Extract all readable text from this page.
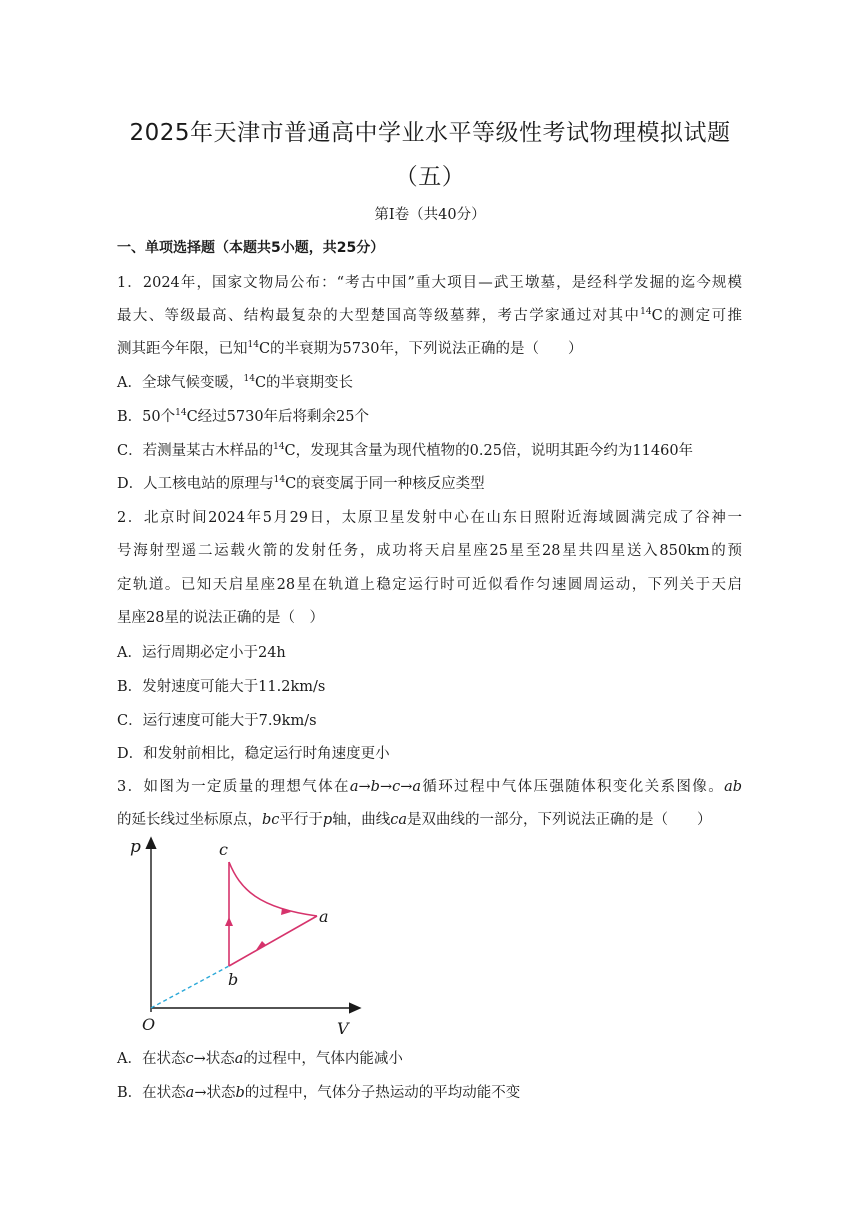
2025年天津市普通高中学业水平等级性考试物理模拟试题
（五）
第Ⅰ卷（共40分）
一、单项选择题（本题共5小题，共25分）
1．2024年，国家文物局公布：“考古中国”重大项目—武王墩墓，是经科学发掘的迄今规模
最大、等级最高、结构最复杂的大型楚国高等级墓葬，考古学家通过对其中$^{14}$C的测定可推
测其距今年限，已知$^{14}$C的半衰期为5730年，下列说法正确的是（　　）
A．全球气候变暖，$^{14}$C的半衰期变长
B．50个$^{14}$C经过5730年后将剩余25个
C．若测量某古木样品的$^{14}$C，发现其含量为现代植物的0.25倍，说明其距今约为11460年
D．人工核电站的原理与$^{14}$C的衰变属于同一种核反应类型
2．北京时间2024年5月29日，太原卫星发射中心在山东日照附近海域圆满完成了谷神一
号海射型遥二运载火箭的发射任务，成功将天启星座25星至28星共四星送入850km的预
定轨道。已知天启星座28星在轨道上稳定运行时可近似看作匀速圆周运动，下列关于天启
星座28星的说法正确的是（　）
A．运行周期必定小于24h
B．发射速度可能大于11.2km/s
C．运行速度可能大于7.9km/s
D．和发射前相比，稳定运行时角速度更小
3．如图为一定质量的理想气体在a→b→c→a循环过程中气体压强随体积变化关系图像。ab
的延长线过坐标原点，bc平行于p轴，曲线ca是双曲线的一部分，下列说法正确的是（　　）
p
V
O
c
a
b
A．在状态c→状态a的过程中，气体内能减小
B．在状态a→状态b的过程中，气体分子热运动的平均动能不变
